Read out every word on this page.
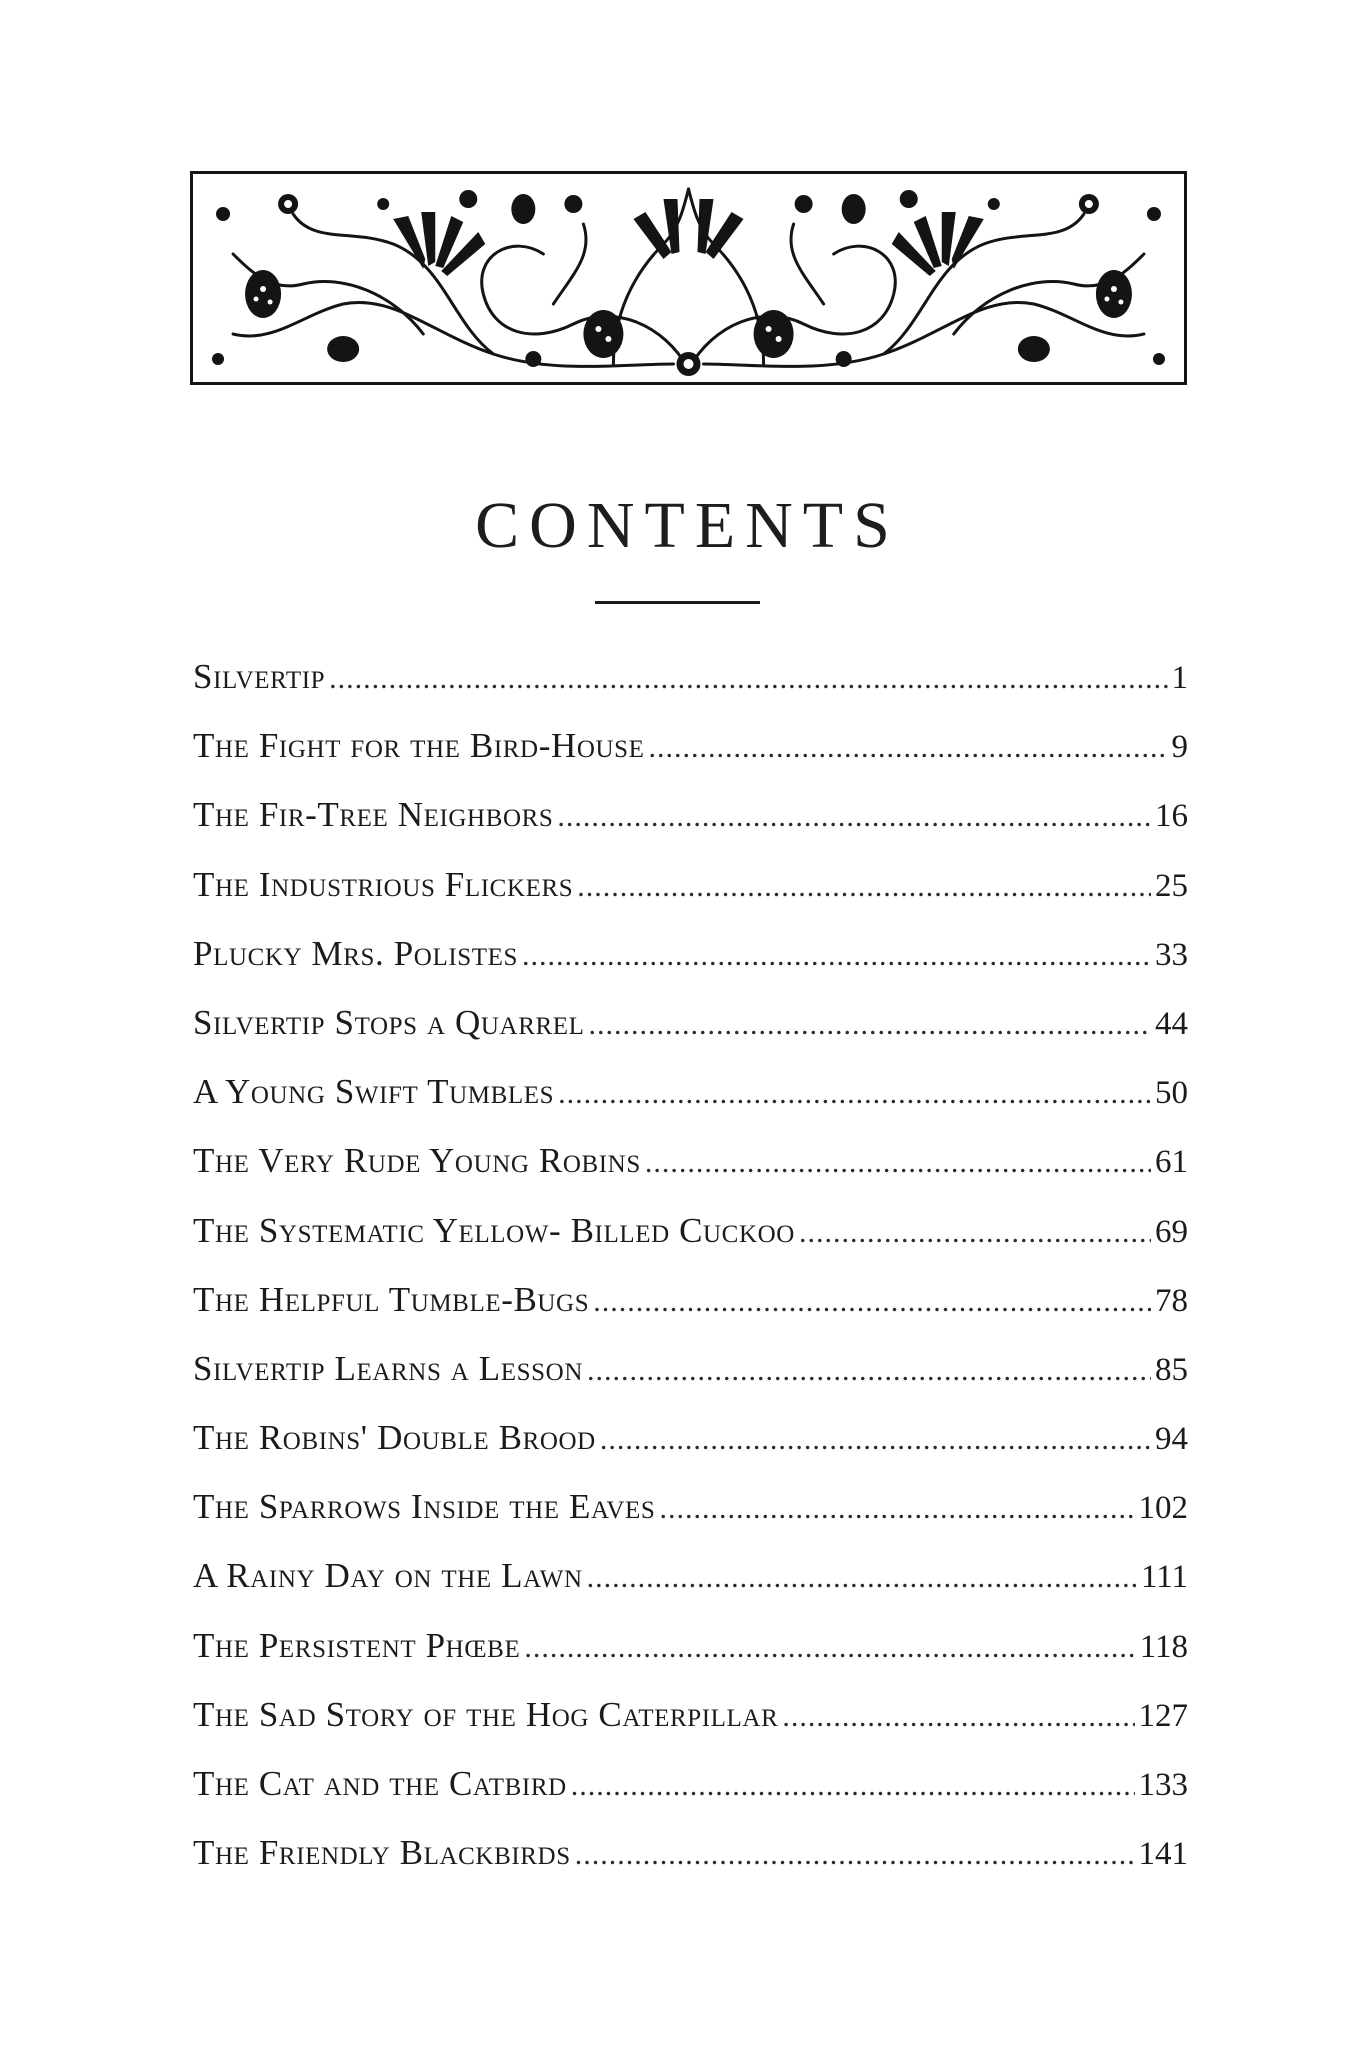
CONTENTS
Silvertip .....	1
The Fight for the Bird-House .....	9
The Fir-Tree Neighbors .....	16
The Industrious Flickers .....	25
Plucky Mrs. Polistes .....	33
Silvertip Stops a Quarrel .....	44
A Young Swift Tumbles .....	50
The Very Rude Young Robins .....	61
The Systematic Yellow- Billed Cuckoo .....	69
The Helpful Tumble-Bugs .....	78
Silvertip Learns a Lesson .....	85
The Robins' Double Brood .....	94
The Sparrows Inside the Eaves .....	102
A Rainy Day on the Lawn .....	111
The Persistent Phœbe .....	118
The Sad Story of the Hog Caterpillar .....	127
The Cat and the Catbird .....	133
The Friendly Blackbirds .....	141
